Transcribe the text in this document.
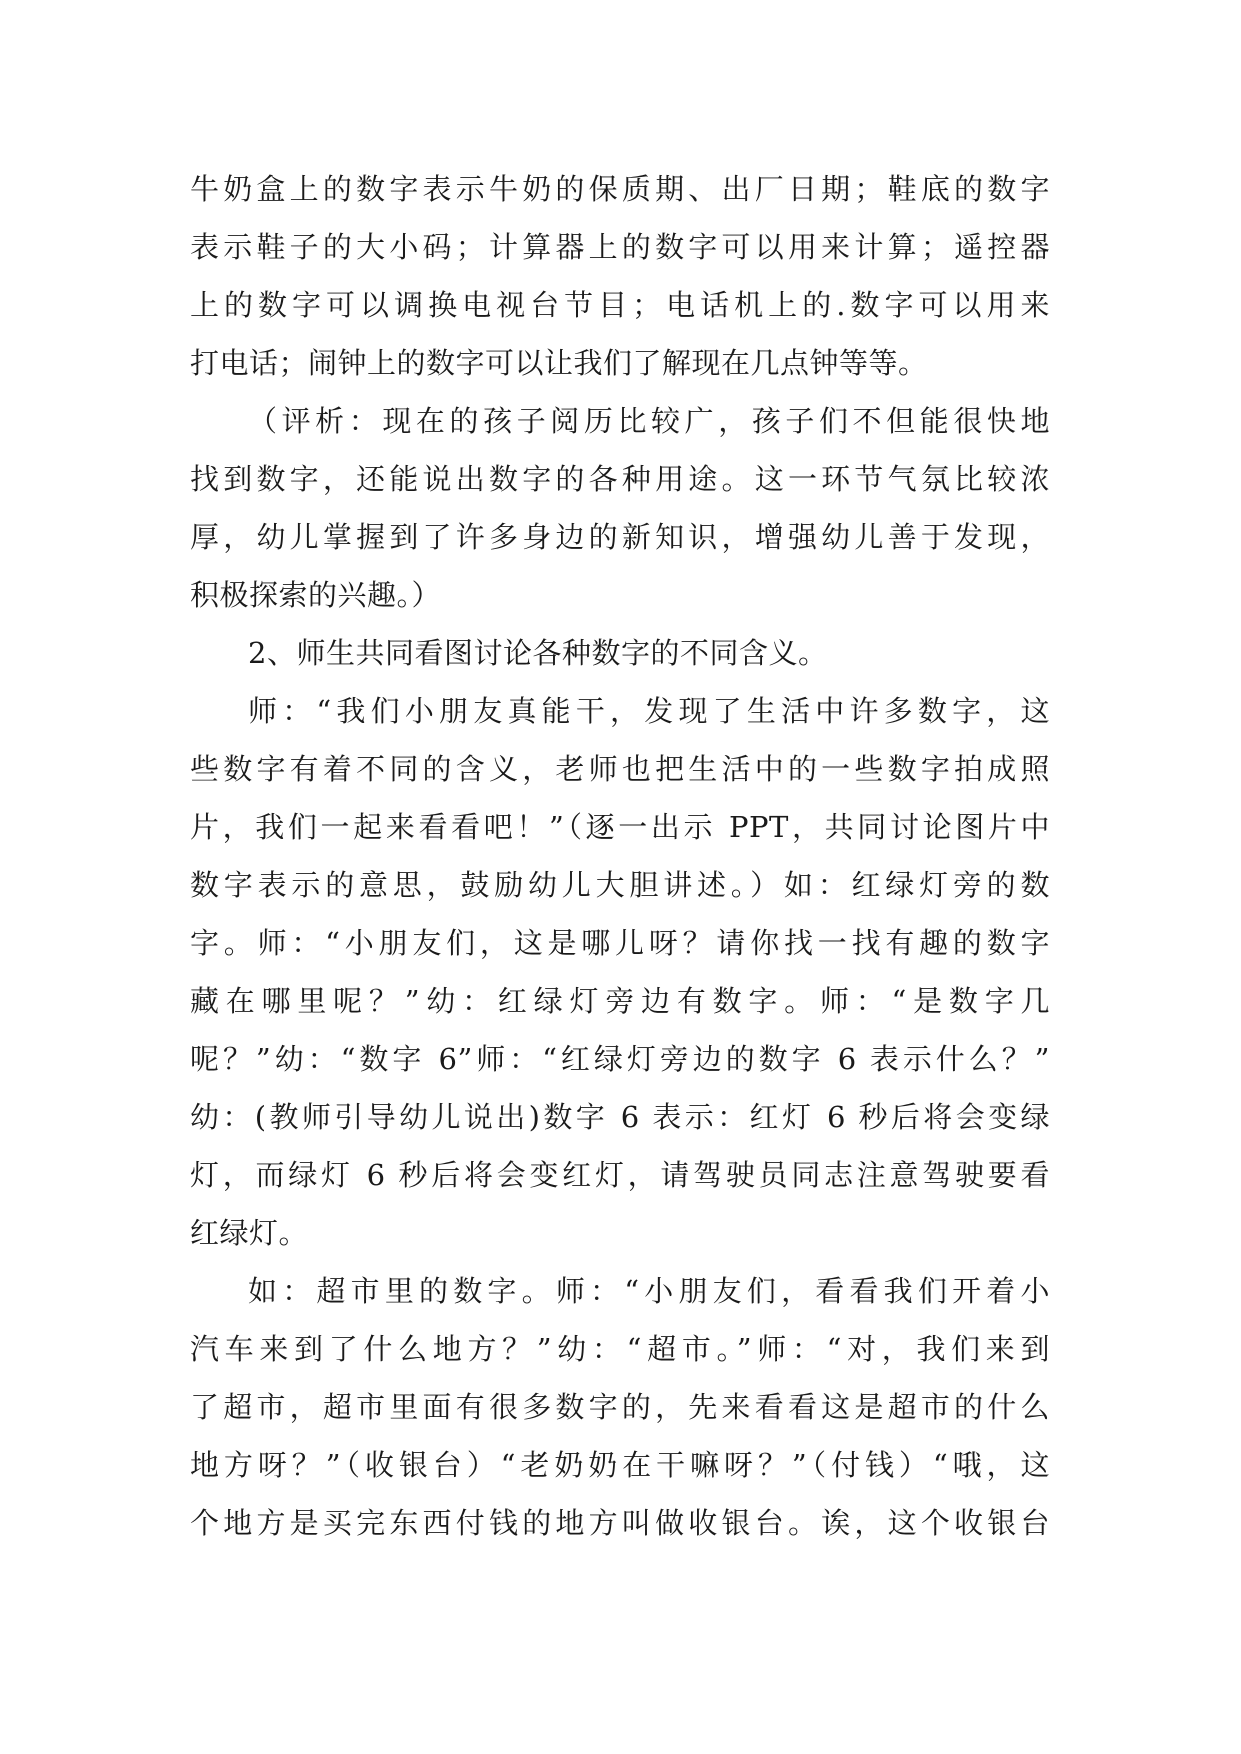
牛奶盒上的数字表示牛奶的保质期、出厂日期；鞋底的数字
表示鞋子的大小码；计算器上的数字可以用来计算；遥控器
上的数字可以调换电视台节目；电话机上的.数字可以用来
打电话；闹钟上的数字可以让我们了解现在几点钟等等。
（评析：现在的孩子阅历比较广，孩子们不但能很快地
找到数字，还能说出数字的各种用途。这一环节气氛比较浓
厚，幼儿掌握到了许多身边的新知识，增强幼儿善于发现，
积极探索的兴趣。）
2、师生共同看图讨论各种数字的不同含义。
师：“我们小朋友真能干，发现了生活中许多数字，这
些数字有着不同的含义，老师也把生活中的一些数字拍成照
片，我们一起来看看吧！”（逐一出示 PPT，共同讨论图片中
数字表示的意思，鼓励幼儿大胆讲述。）如：红绿灯旁的数
字。师：“小朋友们，这是哪儿呀？请你找一找有趣的数字
藏在哪里呢？”幼：红绿灯旁边有数字。师：“是数字几
呢？”幼：“数字 6”师：“红绿灯旁边的数字 6 表示什么？”
幼：(教师引导幼儿说出)数字 6 表示：红灯 6 秒后将会变绿
灯，而绿灯 6 秒后将会变红灯，请驾驶员同志注意驾驶要看
红绿灯。
如：超市里的数字。师：“小朋友们，看看我们开着小
汽车来到了什么地方？”幼：“超市。”师：“对，我们来到
了超市，超市里面有很多数字的，先来看看这是超市的什么
地方呀？”（收银台）“老奶奶在干嘛呀？”（付钱）“哦，这
个地方是买完东西付钱的地方叫做收银台。诶，这个收银台
